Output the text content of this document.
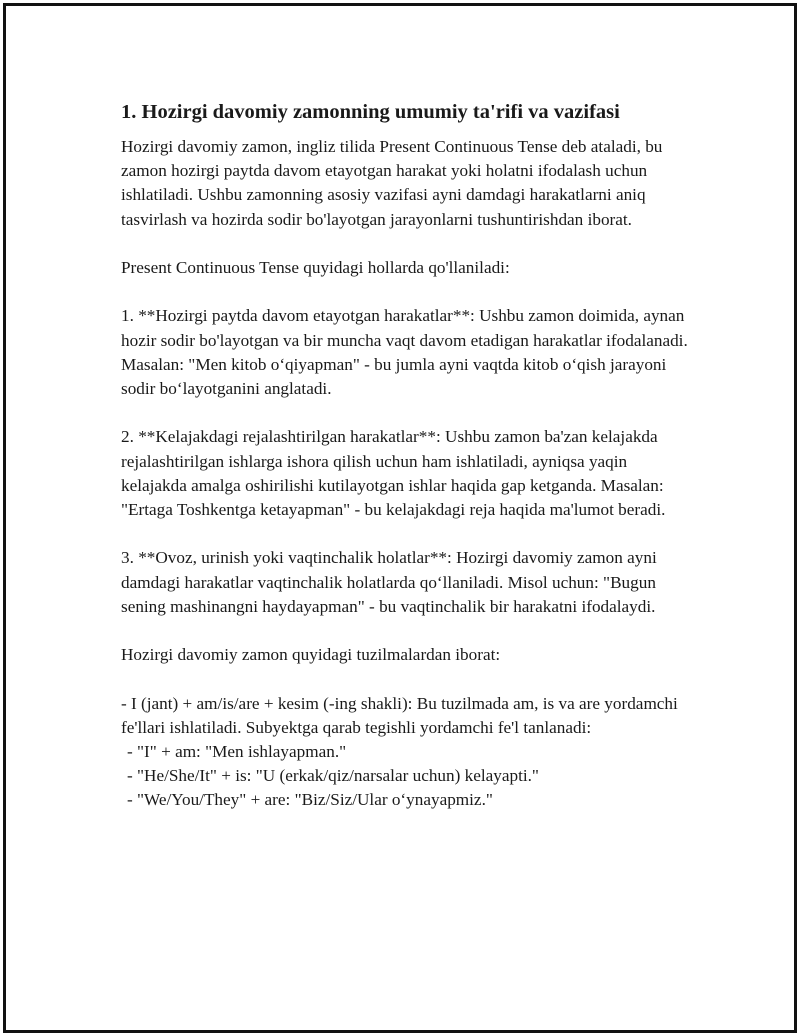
1. Hozirgi davomiy zamonning umumiy ta'rifi va vazifasi

Hozirgi davomiy zamon, ingliz tilida Present Continuous Tense deb ataladi, bu zamon hozirgi paytda davom etayotgan harakat yoki holatni ifodalash uchun ishlatiladi. Ushbu zamonning asosiy vazifasi ayni damdagi harakatlarni aniq tasvirlash va hozirda sodir bo'layotgan jarayonlarni tushuntirishdan iborat.

Present Continuous Tense quyidagi hollarda qo'llaniladi:

1. **Hozirgi paytda davom etayotgan harakatlar**: Ushbu zamon doimida, aynan hozir sodir bo'layotgan va bir muncha vaqt davom etadigan harakatlar ifodalanadi. Masalan: "Men kitob o‘qiyapman" - bu jumla ayni vaqtda kitob o‘qish jarayoni sodir bo‘layotganini anglatadi.

2. **Kelajakdagi rejalashtirilgan harakatlar**: Ushbu zamon ba'zan kelajakda rejalashtirilgan ishlarga ishora qilish uchun ham ishlatiladi, ayniqsa yaqin kelajakda amalga oshirilishi kutilayotgan ishlar haqida gap ketganda. Masalan: "Ertaga Toshkentga ketayapman" - bu kelajakdagi reja haqida ma'lumot beradi.

3. **Ovoz, urinish yoki vaqtinchalik holatlar**: Hozirgi davomiy zamon ayni damdagi harakatlar vaqtinchalik holatlarda qo‘llaniladi. Misol uchun: "Bugun sening mashinangni haydayapman" - bu vaqtinchalik bir harakatni ifodalaydi.

Hozirgi davomiy zamon quyidagi tuzilmalardan iborat:

- I (jant) + am/is/are + kesim (-ing shakli): Bu tuzilmada am, is va are yordamchi fe'llari ishlatiladi. Subyektga qarab tegishli yordamchi fe'l tanlanadi:

- "I" + am: "Men ishlayapman."

- "He/She/It" + is: "U (erkak/qiz/narsalar uchun) kelayapti."

- "We/You/They" + are: "Biz/Siz/Ular o‘ynayapmiz."
